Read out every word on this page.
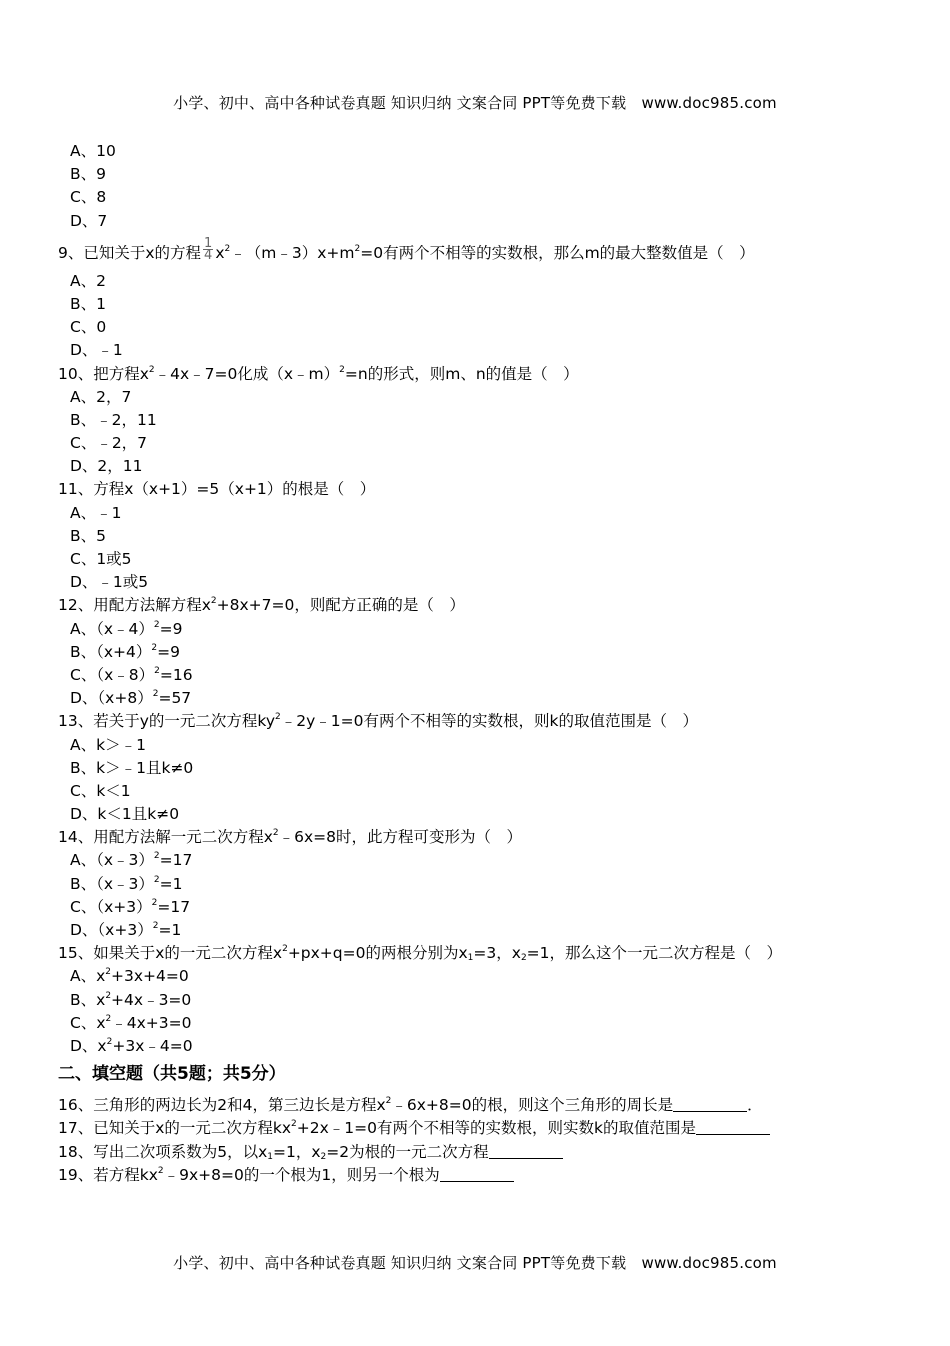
小学、初中、高中各种试卷真题 知识归纳 文案合同 PPT等免费下载　www.doc985.com
A、10
B、9
C、8
D、7
9、已知关于x的方程 $\frac{1}{4}$ $x^2﹣(m﹣3)x+m^2=0$有两个不相等的实数根，那么m的最大整数值是（　）
A、2
B、1
C、0
D、﹣1
10、把方程$x^2﹣4x﹣7=0$化成（x﹣m）$^2$=n的形式，则m、n的值是（　）
A、2，7
B、﹣2，11
C、﹣2，7
D、2，11
11、方程x（x+1）=5（x+1）的根是（　）
A、﹣1
B、5
C、1或5
D、﹣1或5
12、用配方法解方程$x^2+8x+7=0$，则配方正确的是（　）
A、（x﹣4）$^2$=9
B、$(x+4)^2=9$
C、（x﹣8）$^2$=16
D、$(x+8)^2=57$
13、若关于y的一元二次方程$ky^2﹣2y﹣1=0$有两个不相等的实数根，则k的取值范围是（　）
A、k＞﹣1
B、k＞﹣1且k≠0
C、k＜1
D、k＜1且k≠0
14、用配方法解一元二次方程$x^2﹣6x=8$时，此方程可变形为（　）
A、（x﹣3）$^2$=17
B、（x﹣3）$^2$=1
C、$(x+3)^2=17$
D、$(x+3)^2=1$
15、如果关于x的一元二次方程$x^2+px+q=0$的两根分别为$x_1=3$，$x_2=1$，那么这个一元二次方程是（　）
A、$x^2+3x+4=0$
B、$x^2+4x﹣3=0$
C、$x^2﹣4x+3=0$
D、$x^2+3x﹣4=0$
二、填空题（共5题；共5分）
16、三角形的两边长为2和4，第三边长是方程$x^2﹣6x+8=0$的根，则这个三角形的周长是	．
17、已知关于x的一元二次方程$kx^2+2x﹣1=0$有两个不相等的实数根，则实数k的取值范围是
18、写出二次项系数为5，以$x_1=1$，$x_2=2$为根的一元二次方程
19、若方程$kx^2﹣9x+8=0$的一个根为1，则另一个根为
小学、初中、高中各种试卷真题 知识归纳 文案合同 PPT等免费下载　www.doc985.com
